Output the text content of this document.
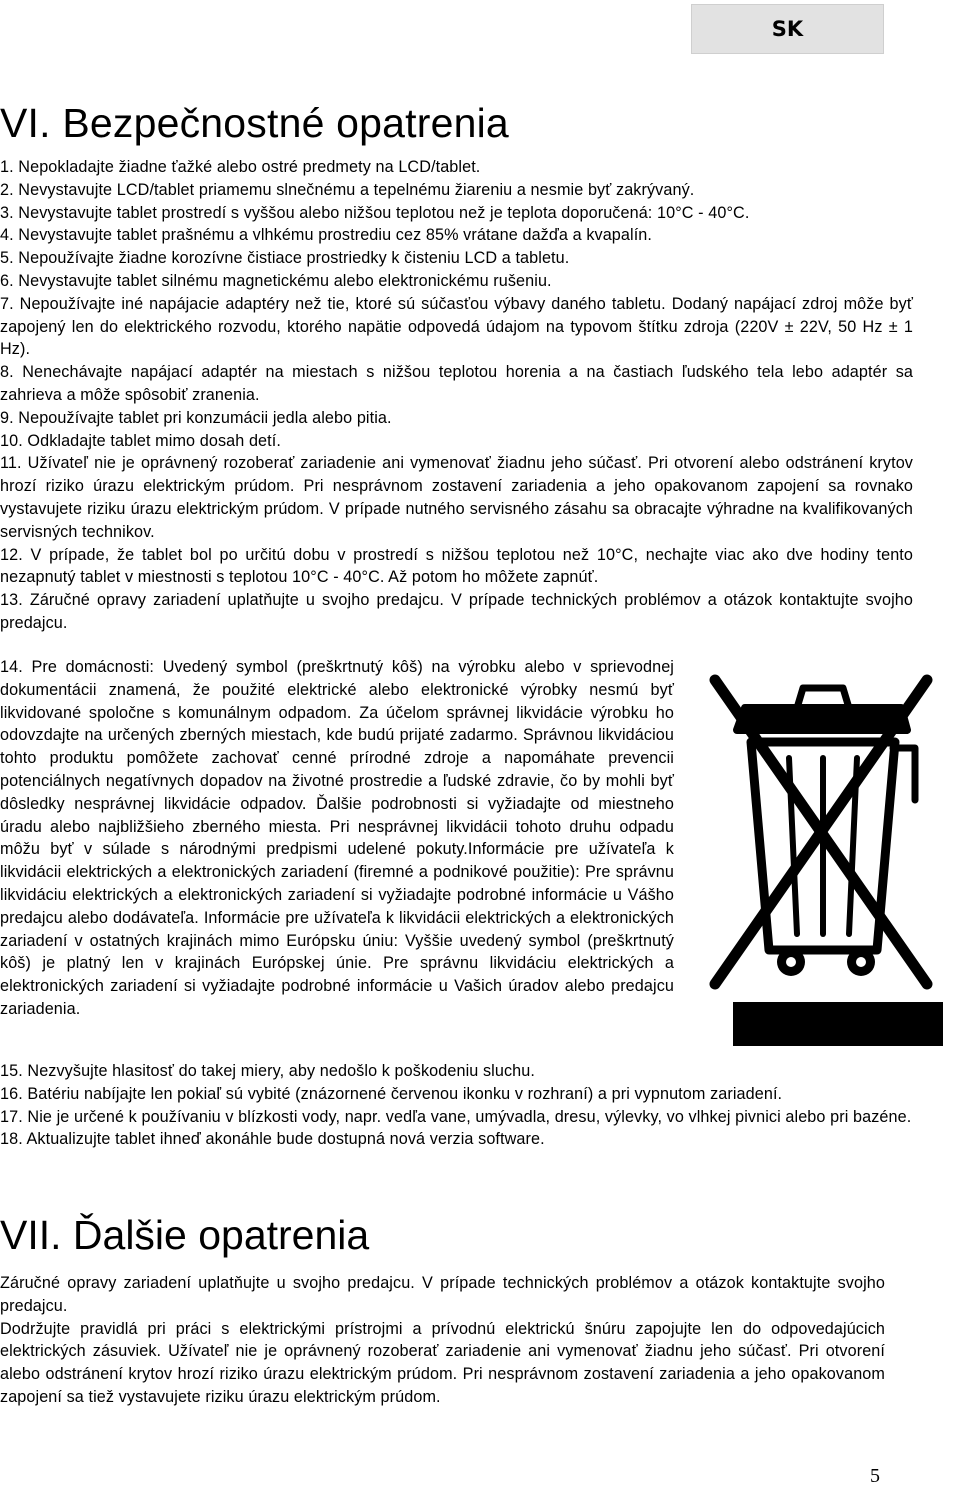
SK
VI. Bezpečnostné opatrenia

1. Nepokladajte žiadne ťažké alebo ostré predmety na LCD/tablet.

2. Nevystavujte LCD/tablet priamemu slnečnému a tepelnému žiareniu a nesmie byť zakrývaný.

3. Nevystavujte tablet prostredí s vyššou alebo nižšou teplotou než je teplota doporučená: 10°C - 40°C.

4. Nevystavujte tablet prašnému a vlhkému prostrediu cez 85% vrátane dažďa a kvapalín.

5. Nepoužívajte žiadne korozívne čistiace prostriedky k čisteniu LCD a tabletu.

6. Nevystavujte tablet silnému magnetickému alebo elektronickému rušeniu.

7. Nepoužívajte iné napájacie adaptéry než tie, ktoré sú súčasťou výbavy daného tabletu. Dodaný napájací zdroj môže byť zapojený len do elektrického rozvodu, ktorého napätie odpovedá údajom na typovom štítku zdroja (220V ± 22V, 50 Hz ± 1 Hz).

8. Nenechávajte napájací adaptér na miestach s nižšou teplotou horenia a na častiach ľudského tela lebo adaptér sa zahrieva a môže spôsobiť zranenia.

9. Nepoužívajte tablet pri konzumácii jedla alebo pitia.

10. Odkladajte tablet mimo dosah detí.

11. Užívateľ nie je oprávnený rozoberať zariadenie ani vymenovať žiadnu jeho súčasť. Pri otvorení alebo odstránení krytov hrozí riziko úrazu elektrickým prúdom. Pri nesprávnom zostavení zariadenia a jeho opakovanom zapojení sa rovnako vystavujete riziku úrazu elektrickým prúdom. V prípade nutného servisného zásahu sa obracajte výhradne na kvalifikovaných servisných technikov.

12. V prípade, že tablet bol po určitú dobu v prostredí s nižšou teplotou než 10°C, nechajte viac ako dve hodiny tento nezapnutý tablet v miestnosti s teplotou 10°C - 40°C. Až potom ho môžete zapnúť.

13. Záručné opravy zariadení uplatňujte u svojho predajcu. V prípade technických problémov a otázok kontaktujte svojho predajcu.

14. Pre domácnosti: Uvedený symbol (preškrtnutý kôš) na výrobku alebo v sprievodnej dokumentácii znamená, že použité elektrické alebo elektronické výrobky nesmú byť likvidované spoločne s komunálnym odpadom. Za účelom správnej likvidácie výrobku ho odovzdajte na určených zberných miestach, kde budú prijaté zadarmo. Správnou likvidáciou tohto produktu pomôžete zachovať cenné prírodné zdroje a napomáhate prevencii potenciálnych negatívnych dopadov na životné prostredie a ľudské zdravie, čo by mohli byť dôsledky nesprávnej likvidácie odpadov. Ďalšie podrobnosti si vyžiadajte od miestneho úradu alebo najbližšieho zberného miesta. Pri nesprávnej likvidácii tohoto druhu odpadu môžu byť v súlade s národnými predpismi udelené pokuty.Informácie pre užívateľa k likvidácii elektrických a elektronických zariadení (firemné a podnikové použitie): Pre správnu likvidáciu elektrických a elektronických zariadení si vyžiadajte podrobné informácie u Vášho predajcu alebo dodávateľa. Informácie pre užívateľa k likvidácii elektrických a elektronických zariadení v ostatných krajinách mimo Európsku úniu: Vyššie uvedený symbol (preškrtnutý kôš) je platný len v krajinách Európskej únie. Pre správnu likvidáciu elektrických a elektronických zariadení si vyžiadajte podrobné informácie u Vašich úradov alebo predajcu zariadenia.

15. Nezvyšujte hlasitosť do takej miery, aby nedošlo k poškodeniu sluchu.

16. Batériu nabíjajte len pokiaľ sú vybité (znázornené červenou ikonku v rozhraní) a pri vypnutom zariadení.

17. Nie je určené k používaniu v blízkosti vody, napr. vedľa vane, umývadla, dresu, výlevky, vo vlhkej pivnici alebo pri bazéne.

18. Aktualizujte tablet ihneď akonáhle bude dostupná nová verzia software.

VII. Ďalšie opatrenia

Záručné opravy zariadení uplatňujte u svojho predajcu. V prípade technických problémov a otázok kontaktujte svojho predajcu.

Dodržujte pravidlá pri práci s elektrickými prístrojmi a prívodnú elektrickú šnúru zapojujte len do odpovedajúcich elektrických zásuviek. Užívateľ nie je oprávnený rozoberať zariadenie ani vymenovať žiadnu jeho súčasť. Pri otvorení alebo odstránení krytov hrozí riziko úrazu elektrickým prúdom. Pri nesprávnom zostavení zariadenia a jeho opakovanom zapojení sa tiež vystavujete riziku úrazu elektrickým prúdom.

5
